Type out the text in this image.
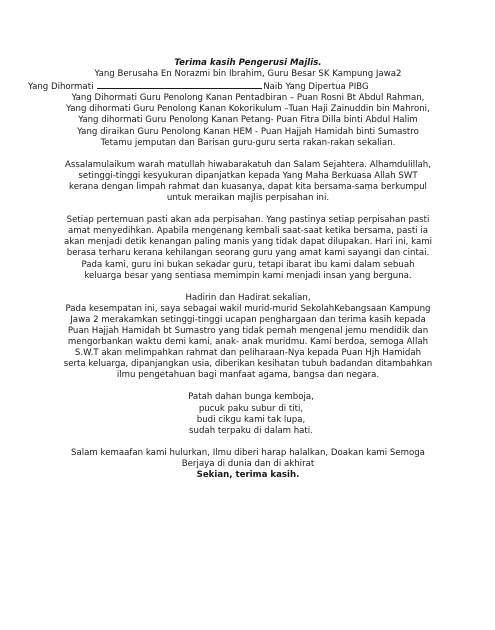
Terima kasih Pengerusi Majlis.
Yang Berusaha En Norazmi bin Ibrahim, Guru Besar SK Kampung Jawa2
Yang Dihormati	Naib Yang Dipertua PIBG
Yang Dihormati Guru Penolong Kanan Pentadbiran – Puan Rosni Bt Abdul Rahman,
Yang dihormati Guru Penolong Kanan Kokorikulum –Tuan Haji Zainuddin bin Mahroni,
Yang dihormati Guru Penolong Kanan Petang- Puan Fitra Dilla binti Abdul Halim
Yang diraikan Guru Penolong Kanan HEM - Puan Hajjah Hamidah binti Sumastro
Tetamu jemputan dan Barisan guru-guru serta rakan-rakan sekalian.
Assalamulaikum warah matullah hiwabarakatuh dan Salam Sejahtera. Alhamdulillah,
setinggi-tinggi kesyukuran dipanjatkan kepada Yang Maha Berkuasa Allah SWT
kerana dengan limpah rahmat dan kuasanya, dapat kita bersama-sama berkumpul
untuk meraikan majlis perpisahan ini.
Setiap pertemuan pasti akan ada perpisahan. Yang pastinya setiap perpisahan pasti
amat menyedihkan. Apabila mengenang kembali saat-saat ketika bersama, pasti ia
akan menjadi detik kenangan paling manis yang tidak dapat dilupakan. Hari ini, kami
berasa terharu kerana kehilangan seorang guru yang amat kami sayangi dan cintai.
Pada kami, guru ini bukan sekadar guru, tetapi ibarat ibu kami dalam sebuah
keluarga besar yang sentiasa memimpin kami menjadi insan yang berguna.
Hadirin dan Hadirat sekalian,
Pada kesempatan ini, saya sebagai wakil murid-murid SekolahKebangsaan Kampung
Jawa 2 merakamkan setinggi-tinggi ucapan penghargaan dan terima kasih kepada
Puan Hajjah Hamidah bt Sumastro yang tidak pernah mengenal jemu mendidik dan
mengorbankan waktu demi kami, anak- anak muridmu. Kami berdoa, semoga Allah
S.W.T akan melimpahkan rahmat dan peliharaan-Nya kepada Puan Hjh Hamidah
serta keluarga, dipanjangkan usia, diberikan kesihatan tubuh badandan ditambahkan
ilmu pengetahuan bagi manfaat agama, bangsa dan negara.
Patah dahan bunga kemboja,
pucuk paku subur di titi,
budi cikgu kami tak lupa,
sudah terpaku di dalam hati.
Salam kemaafan kami hulurkan, Ilmu diberi harap halalkan, Doakan kami Semoga
Berjaya di dunia dan di akhirat
Sekian, terima kasih.
